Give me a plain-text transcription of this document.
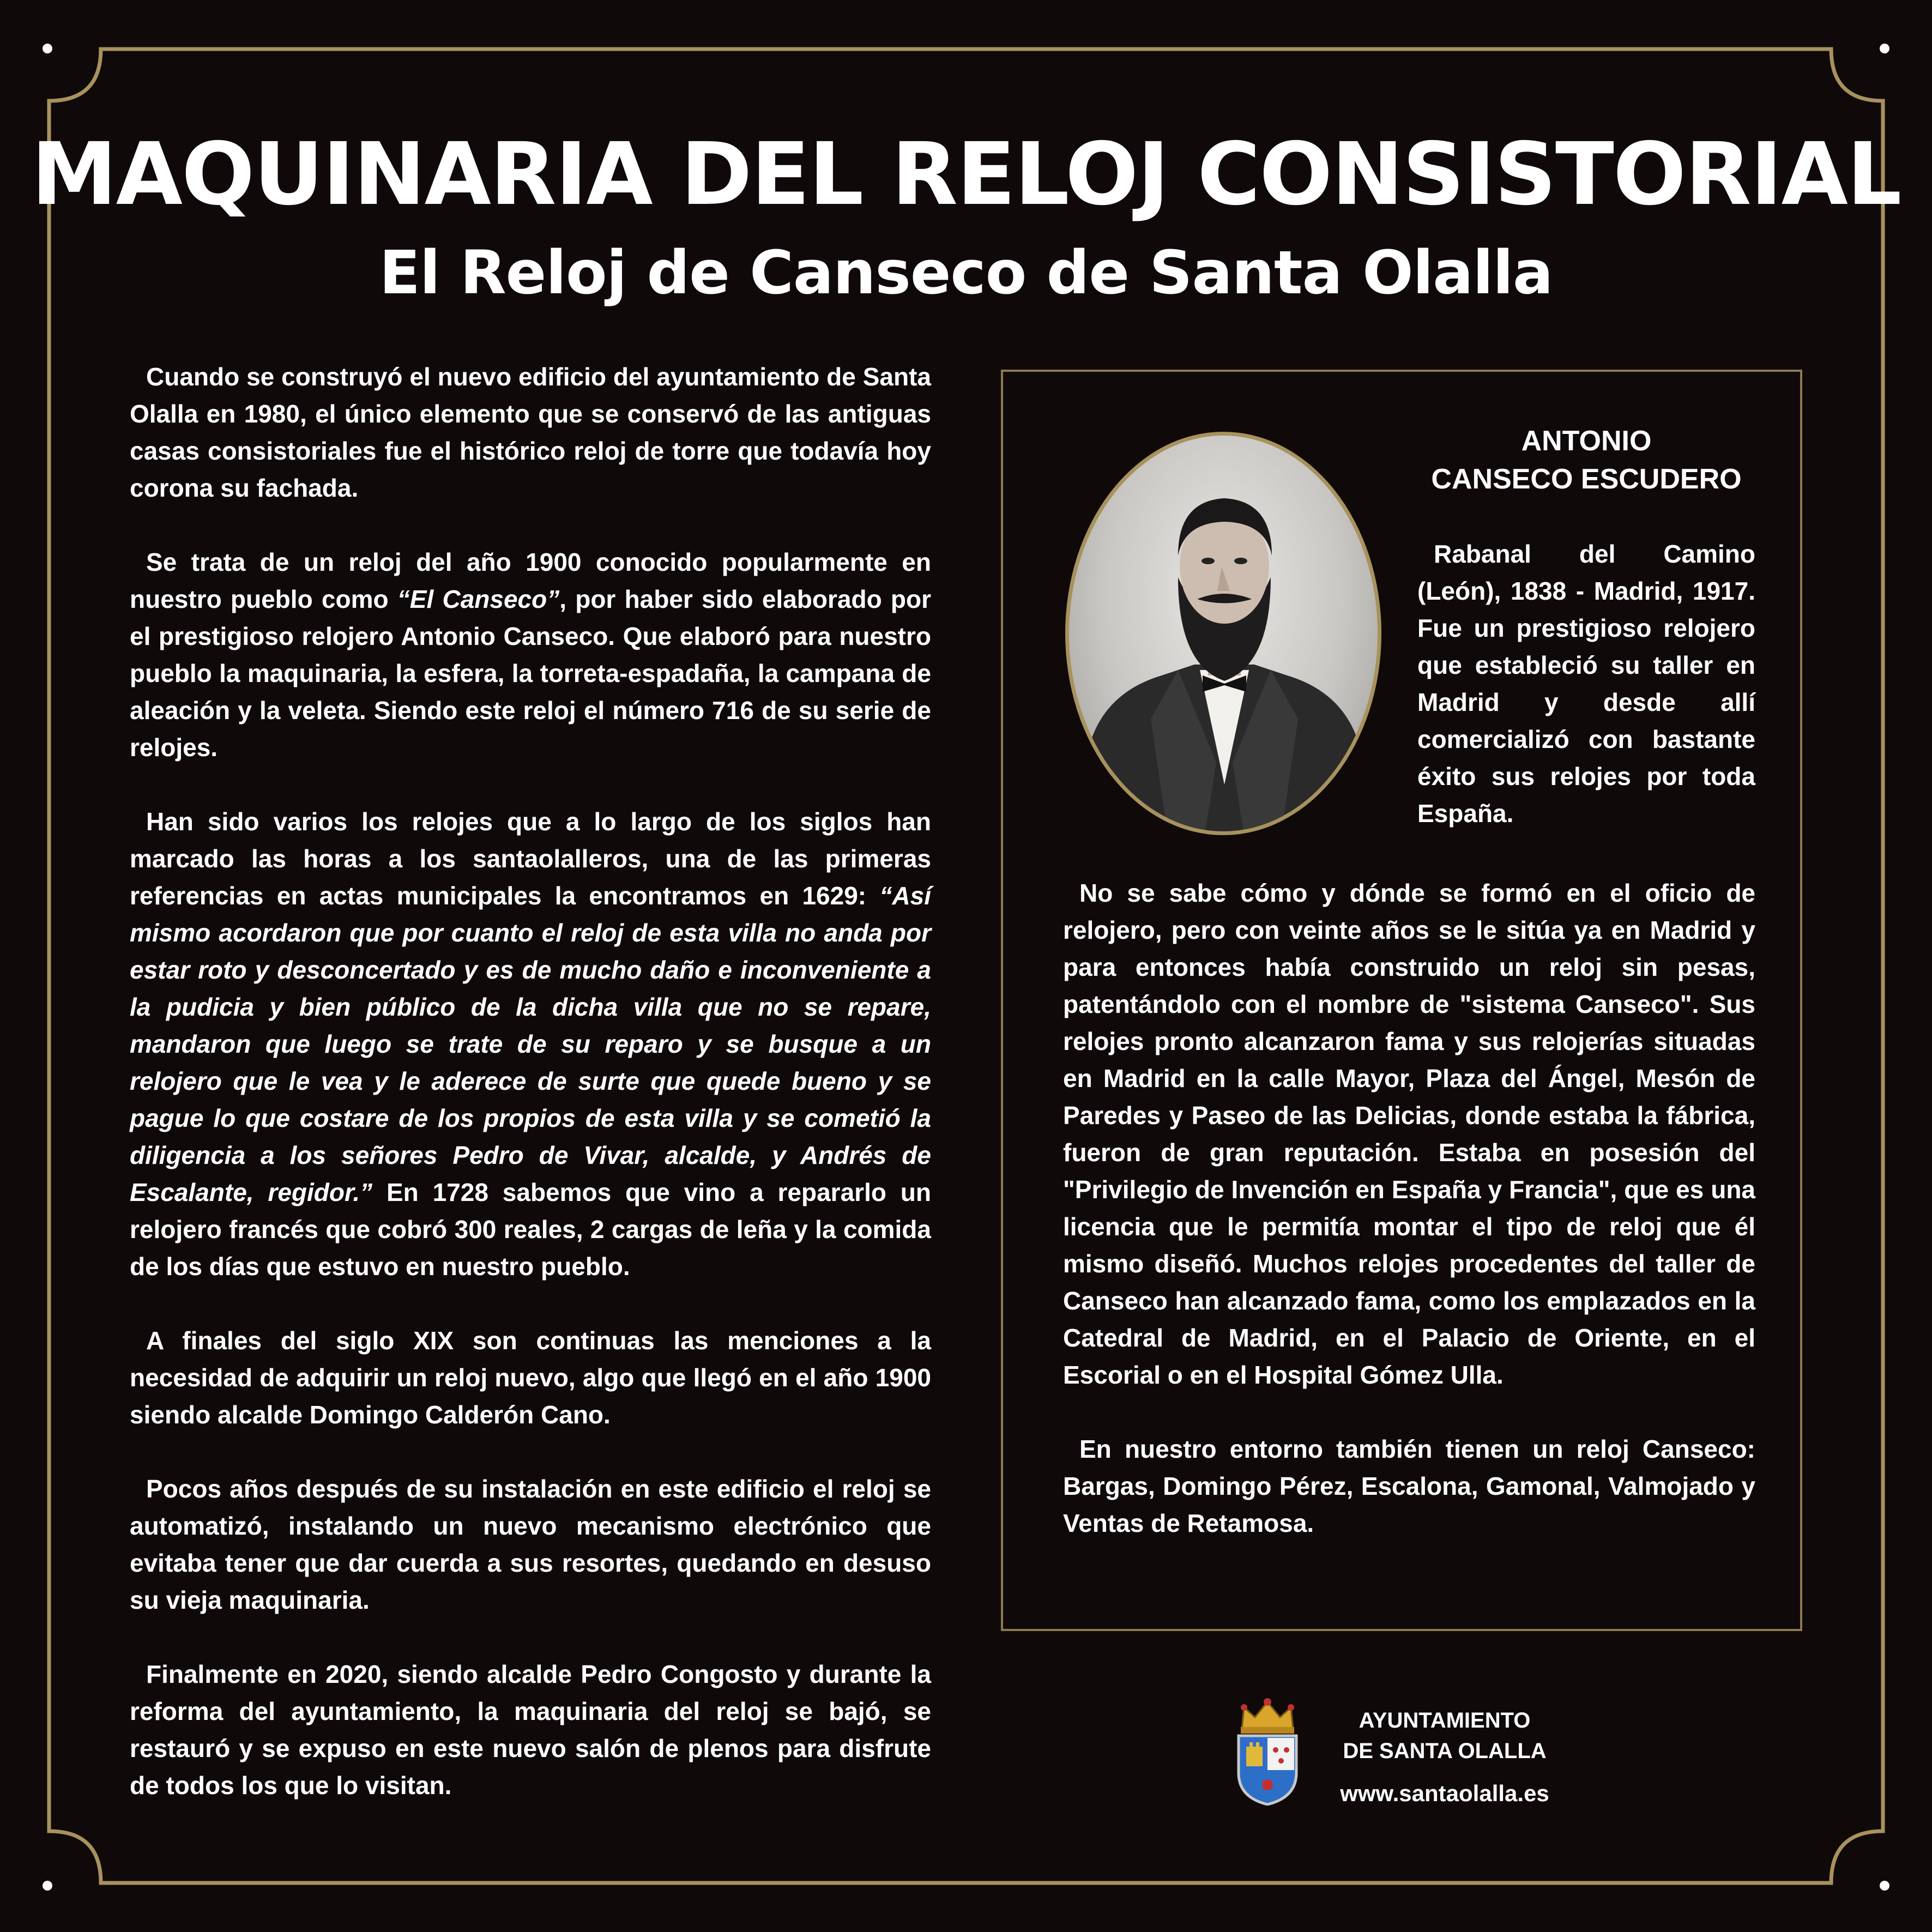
MAQUINARIA DEL RELOJ CONSISTORIAL
El Reloj de Canseco de Santa Olalla

Cuando se construyó el nuevo edificio del ayuntamiento de Santa Olalla en 1980, el único elemento que se conservó de las antiguas casas consistoriales fue el histórico reloj de torre que todavía hoy corona su fachada.

Se trata de un reloj del año 1900 conocido popularmente en nuestro pueblo como “El Canseco”, por haber sido elaborado por el prestigioso relojero Antonio Canseco. Que elaboró para nuestro pueblo la maquinaria, la esfera, la torreta-espadaña, la campana de aleación y la veleta. Siendo este reloj el número 716 de su serie de relojes.

Han sido varios los relojes que a lo largo de los siglos han marcado las horas a los santaolalleros, una de las primeras referencias en actas municipales la encontramos en 1629: “Así mismo acordaron que por cuanto el reloj de esta villa no anda por estar roto y desconcertado y es de mucho daño e inconveniente a la pudicia y bien público de la dicha villa que no se repare, mandaron que luego se trate de su reparo y se busque a un relojero que le vea y le aderece de surte que quede bueno y se pague lo que costare de los propios de esta villa y se cometió la diligencia a los señores Pedro de Vivar, alcalde, y Andrés de Escalante, regidor.” En 1728 sabemos que vino a repararlo un relojero francés que cobró 300 reales, 2 cargas de leña y la comida de los días que estuvo en nuestro pueblo.

A finales del siglo XIX son continuas las menciones a la necesidad de adquirir un reloj nuevo, algo que llegó en el año 1900 siendo alcalde Domingo Calderón Cano.

Pocos años después de su instalación en este edificio el reloj se automatizó, instalando un nuevo mecanismo electrónico que evitaba tener que dar cuerda a sus resortes, quedando en desuso su vieja maquinaria.

Finalmente en 2020, siendo alcalde Pedro Congosto y durante la reforma del ayuntamiento, la maquinaria del reloj se bajó, se restauró y se expuso en este nuevo salón de plenos para disfrute de todos los que lo visitan.

ANTONIO
CANSECO ESCUDERO

Rabanal del Camino (León), 1838 - Madrid, 1917. Fue un prestigioso relojero que estableció su taller en Madrid y desde allí comercializó con bastante éxito sus relojes por toda España.

No se sabe cómo y dónde se formó en el oficio de relojero, pero con veinte años se le sitúa ya en Madrid y para entonces había construido un reloj sin pesas, patentándolo con el nombre de "sistema Canseco". Sus relojes pronto alcanzaron fama y sus relojerías situadas en Madrid en la calle Mayor, Plaza del Ángel, Mesón de Paredes y Paseo de las Delicias, donde estaba la fábrica, fueron de gran reputación. Estaba en posesión del "Privilegio de Invención en España y Francia", que es una licencia que le permitía montar el tipo de reloj que él mismo diseñó. Muchos relojes procedentes del taller de Canseco han alcanzado fama, como los emplazados en la Catedral de Madrid, en el Palacio de Oriente, en el Escorial o en el Hospital Gómez Ulla.

En nuestro entorno también tienen un reloj Canseco: Bargas, Domingo Pérez, Escalona, Gamonal, Valmojado y Ventas de Retamosa.

AYUNTAMIENTO
DE SANTA OLALLA
www.santaolalla.es
